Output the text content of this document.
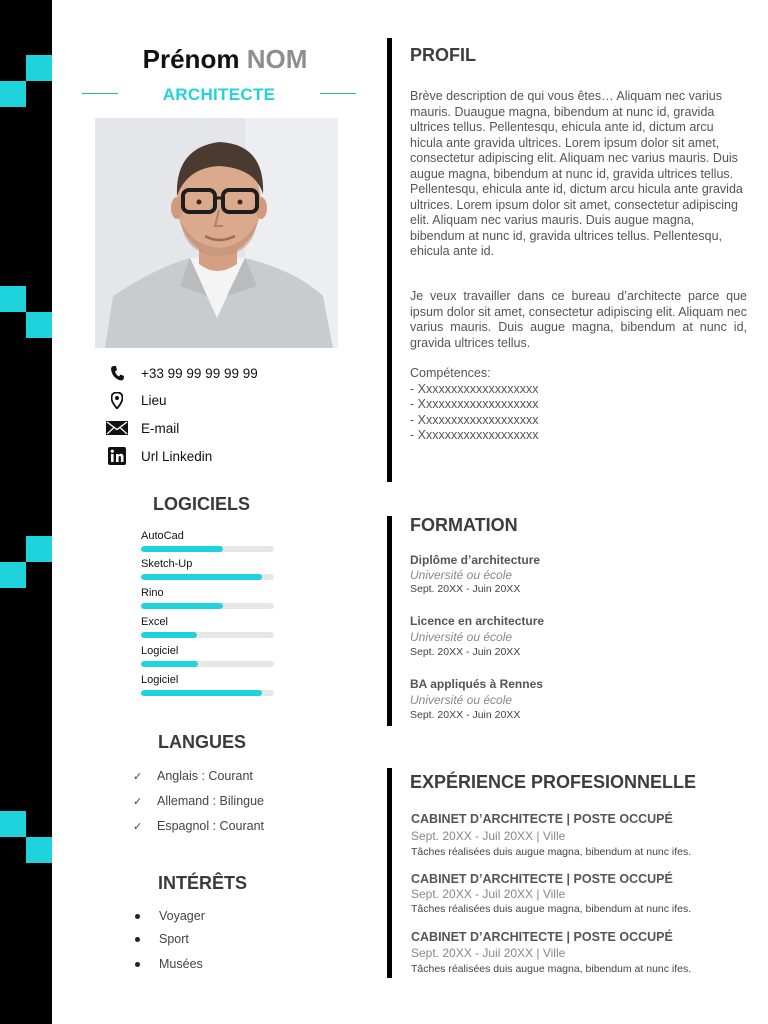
Prénom NOM
ARCHITECTE
+33 99 99 99 99 99
Lieu
E-mail
Url Linkedin
LOGICIELS
AutoCad
Sketch-Up
Rino
Excel
Logiciel
Logiciel
LANGUES
✓	Anglais : Courant
✓	Allemand : Bilingue
✓	Espagnol : Courant
INTÉRÊTS
Voyager
Sport
Musées
PROFIL
Brève description de qui vous êtes… Aliquam nec varius mauris. Duaugue magna, bibendum at nunc id, gravida ultrices tellus. Pellentesqu, ehicula ante id, dictum arcu hicula ante gravida ultrices. Lorem ipsum dolor sit amet, consectetur adipiscing elit. Aliquam nec varius mauris. Duis augue magna, bibendum at nunc id, gravida ultrices tellus. Pellentesqu, ehicula ante id, dictum arcu hicula ante gravida ultrices. Lorem ipsum dolor sit amet, consectetur adipiscing elit. Aliquam nec varius mauris. Duis augue magna, bibendum at nunc id, gravida ultrices tellus. Pellentesqu, ehicula ante id.
Je veux travailler dans ce bureau d’architecte parce que ipsum dolor sit amet, consectetur adipiscing elit. Aliquam nec varius mauris. Duis augue magna, bibendum at nunc id, gravida ultrices tellus.
Compétences:
- Xxxxxxxxxxxxxxxxxxx
- Xxxxxxxxxxxxxxxxxxx
- Xxxxxxxxxxxxxxxxxxx
- Xxxxxxxxxxxxxxxxxxx
FORMATION
Diplôme d’architecture
Université ou école
Sept. 20XX - Juin 20XX
Licence en architecture
Université ou école
Sept. 20XX - Juin 20XX
BA appliqués à Rennes
Université ou école
Sept. 20XX - Juin 20XX
EXPÉRIENCE PROFESIONNELLE
CABINET D’ARCHITECTE | POSTE OCCUPÉ
Sept. 20XX - Juil 20XX | Ville
Tâches réalisées duis augue magna, bibendum at nunc ifes.
CABINET D’ARCHITECTE | POSTE OCCUPÉ
Sept. 20XX - Juil 20XX | Ville
Tâches réalisées duis augue magna, bibendum at nunc ifes.
CABINET D’ARCHITECTE | POSTE OCCUPÉ
Sept. 20XX - Juil 20XX | Ville
Tâches réalisées duis augue magna, bibendum at nunc ifes.
